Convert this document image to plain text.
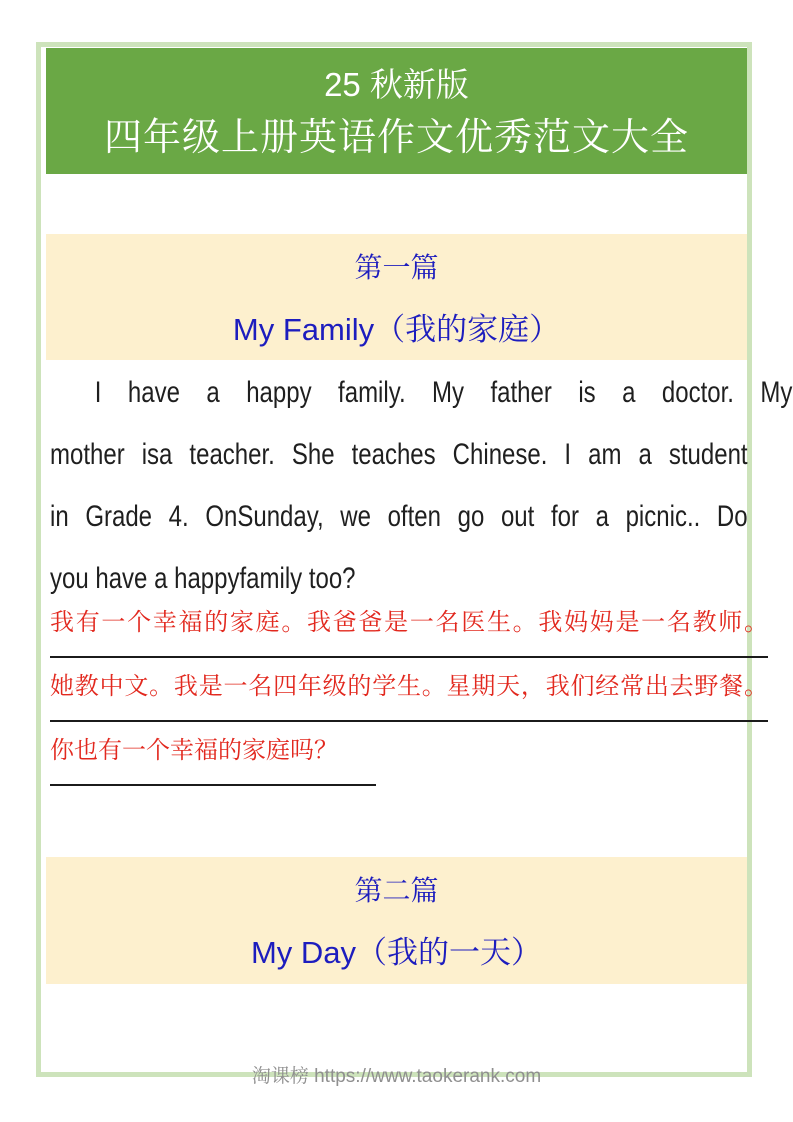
25 秋新版
四年级上册英语作文优秀范文大全
第一篇
My Family（我的家庭）
I have a happy family. My father is a doctor. My
mother isa teacher. She teaches Chinese. I am a student
in Grade 4. OnSunday, we often go out for a picnic.. Do
you have a happyfamily too?
我有一个幸福的家庭。我爸爸是一名医生。我妈妈是一名教师。
她教中文。我是一名四年级的学生。星期天，我们经常出去野餐。
你也有一个幸福的家庭吗？
第二篇
My Day（我的一天）
淘课榜 https://www.taokerank.com
